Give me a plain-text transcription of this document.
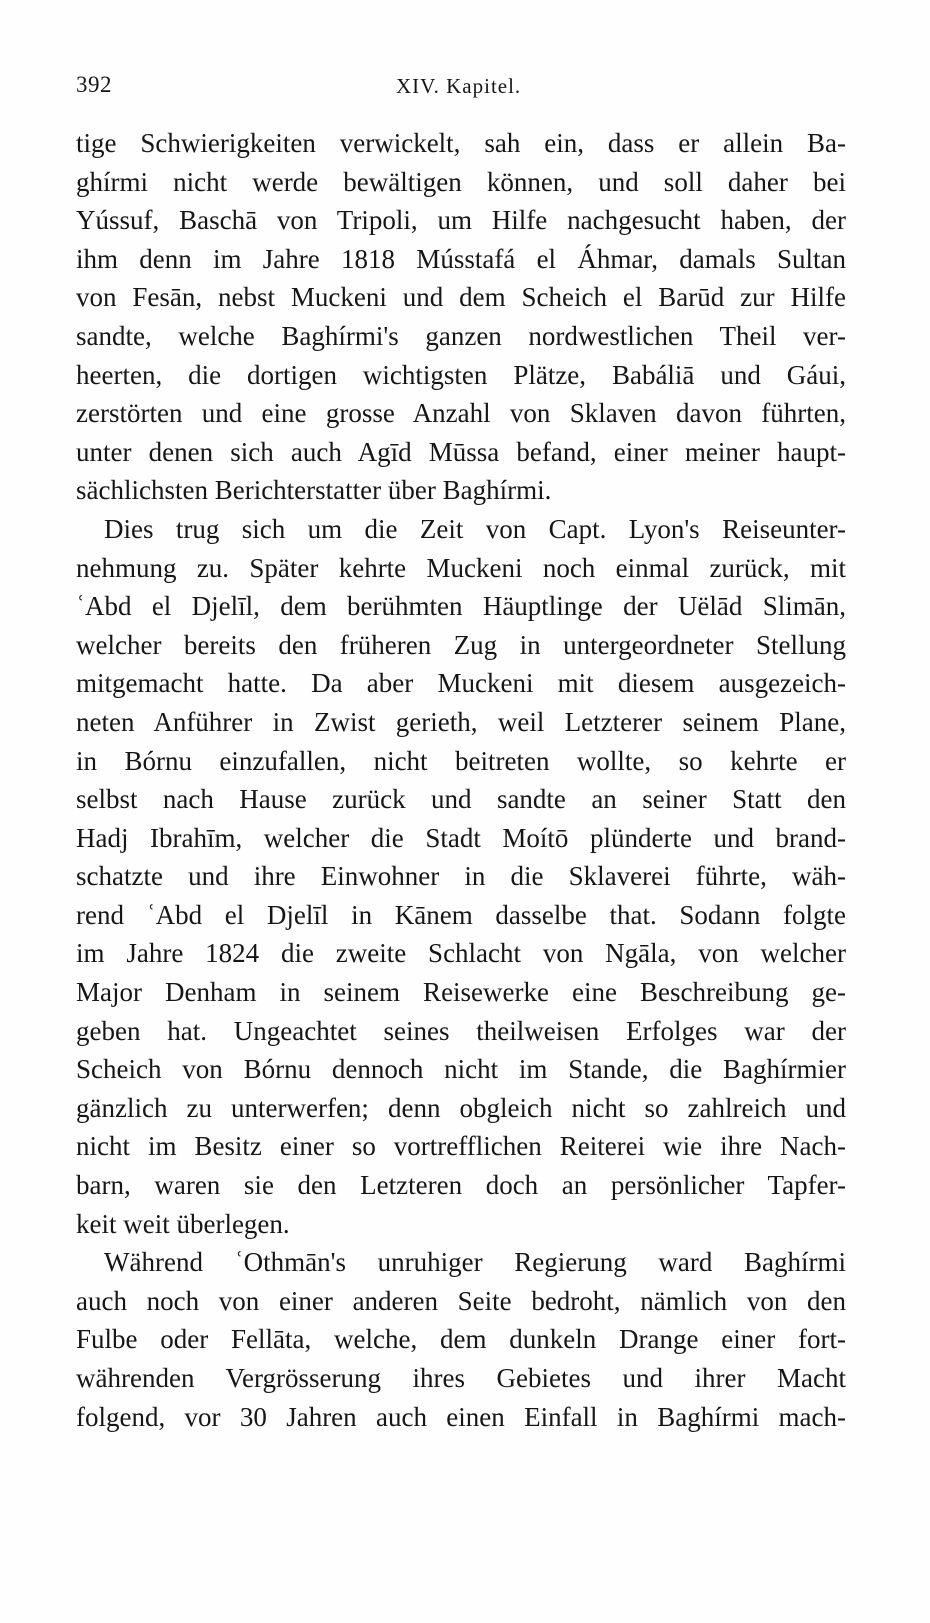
392	XIV. Kapitel.
tige Schwierigkeiten verwickelt, sah ein, dass er allein Ba-
ghírmi nicht werde bewältigen können, und soll daher bei
Yússuf, Baschā von Tripoli, um Hilfe nachgesucht haben, der
ihm denn im Jahre 1818 Músstafá el Áhmar, damals Sultan
von Fesān, nebst Muckeni und dem Scheich el Barūd zur Hilfe
sandte, welche Baghírmi's ganzen nordwestlichen Theil ver-
heerten, die dortigen wichtigsten Plätze, Babáliā und Gáui,
zerstörten und eine grosse Anzahl von Sklaven davon führten,
unter denen sich auch Agīd Mūssa befand, einer meiner haupt-
sächlichsten Berichterstatter über Baghírmi.
Dies trug sich um die Zeit von Capt. Lyon's Reiseunter-
nehmung zu. Später kehrte Muckeni noch einmal zurück, mit
ʿAbd el Djelīl, dem berühmten Häuptlinge der Uëlād Slimān,
welcher bereits den früheren Zug in untergeordneter Stellung
mitgemacht hatte. Da aber Muckeni mit diesem ausgezeich-
neten Anführer in Zwist gerieth, weil Letzterer seinem Plane,
in Bórnu einzufallen, nicht beitreten wollte, so kehrte er
selbst nach Hause zurück und sandte an seiner Statt den
Hadj Ibrahīm, welcher die Stadt Moítō plünderte und brand-
schatzte und ihre Einwohner in die Sklaverei führte, wäh-
rend ʿAbd el Djelīl in Kānem dasselbe that. Sodann folgte
im Jahre 1824 die zweite Schlacht von Ngāla, von welcher
Major Denham in seinem Reisewerke eine Beschreibung ge-
geben hat. Ungeachtet seines theilweisen Erfolges war der
Scheich von Bórnu dennoch nicht im Stande, die Baghírmier
gänzlich zu unterwerfen; denn obgleich nicht so zahlreich und
nicht im Besitz einer so vortrefflichen Reiterei wie ihre Nach-
barn, waren sie den Letzteren doch an persönlicher Tapfer-
keit weit überlegen.
Während ʿOthmān's unruhiger Regierung ward Baghírmi
auch noch von einer anderen Seite bedroht, nämlich von den
Fulbe oder Fellāta, welche, dem dunkeln Drange einer fort-
währenden Vergrösserung ihres Gebietes und ihrer Macht
folgend, vor 30 Jahren auch einen Einfall in Baghírmi mach-
